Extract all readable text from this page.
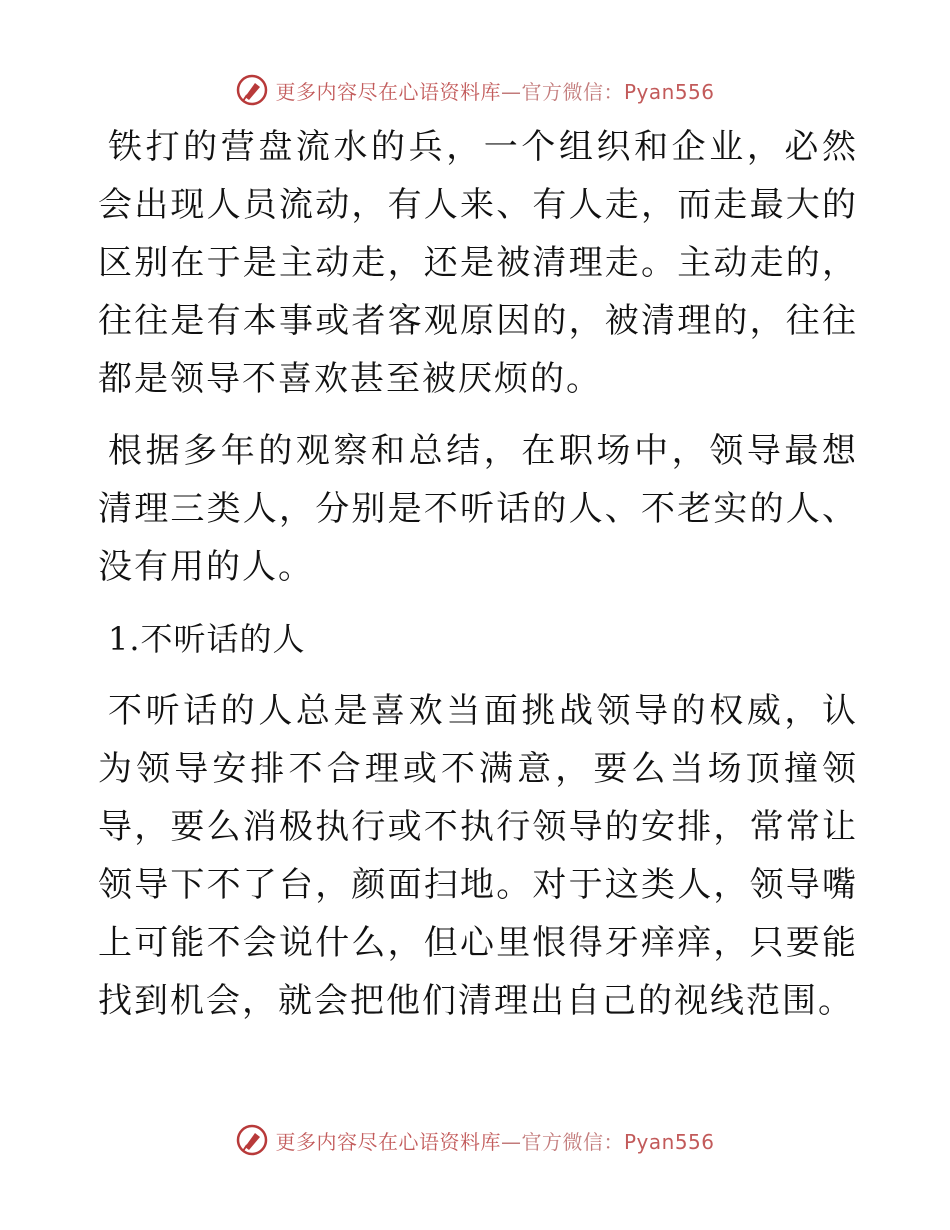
更多内容尽在心语资料库—官方微信：Pyan556

铁打的营盘流水的兵，一个组织和企业，必然会出现人员流动，有人来、有人走，而走最大的区别在于是主动走，还是被清理走。主动走的，往往是有本事或者客观原因的，被清理的，往往都是领导不喜欢甚至被厌烦的。

根据多年的观察和总结，在职场中，领导最想清理三类人，分别是不听话的人、不老实的人、没有用的人。

1.不听话的人

不听话的人总是喜欢当面挑战领导的权威，认为领导安排不合理或不满意，要么当场顶撞领导，要么消极执行或不执行领导的安排，常常让领导下不了台，颜面扫地。对于这类人，领导嘴上可能不会说什么，但心里恨得牙痒痒，只要能找到机会，就会把他们清理出自己的视线范围。

更多内容尽在心语资料库—官方微信：Pyan556
